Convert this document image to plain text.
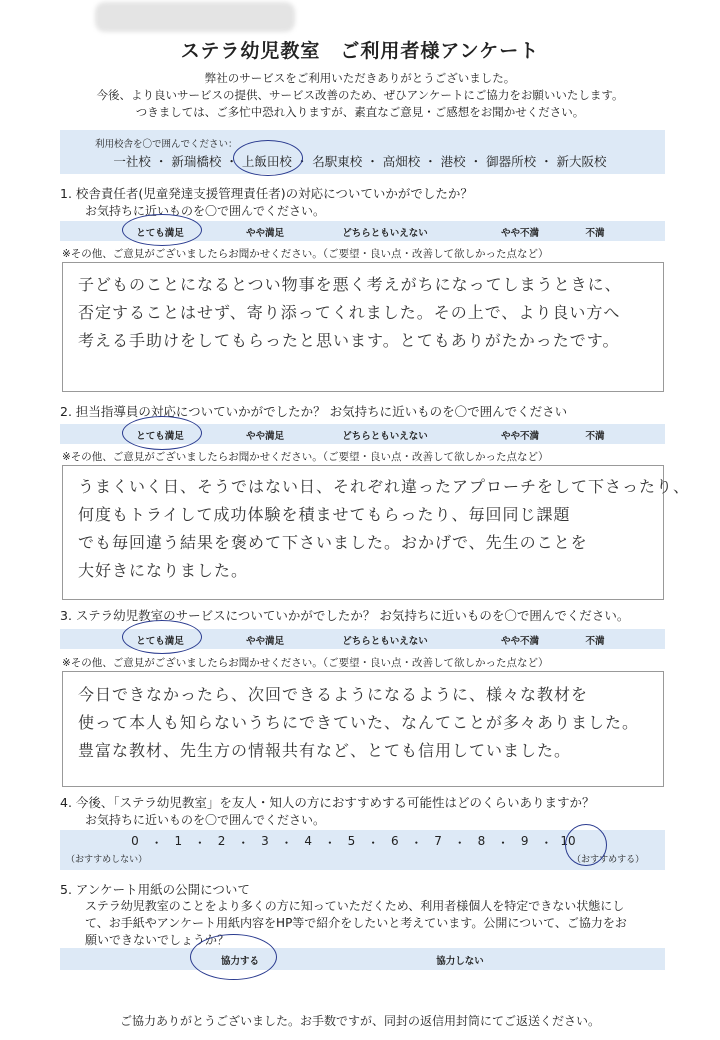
ステラ幼児教室　ご利用者様アンケート
弊社のサービスをご利用いただきありがとうございました。
今後、より良いサービスの提供、サービス改善のため、ぜひアンケートにご協力をお願いいたします。
つきましては、ご多忙中恐れ入りますが、素直なご意見・ご感想をお聞かせください。
利用校舎を〇で囲んでください：
一社校 ・ 新瑞橋校 ・ 上飯田校 ・ 名駅東校 ・ 高畑校 ・ 港校 ・ 御器所校 ・ 新大阪校
1. 校舎責任者(児童発達支援管理責任者)の対応についていかがでしたか？
お気持ちに近いものを〇で囲んでください。
とても満足	やや満足	どちらともいえない	やや不満	不満
※その他、ご意見がございましたらお聞かせください。（ご要望・良い点・改善して欲しかった点など）
子どものことになるとつい物事を悪く考えがちになってしまうときに、
否定することはせず、寄り添ってくれました。その上で、より良い方へ
考える手助けをしてもらったと思います。とてもありがたかったです。
2. 担当指導員の対応についていかがでしたか？ お気持ちに近いものを〇で囲んでください
とても満足	やや満足	どちらともいえない	やや不満	不満
※その他、ご意見がございましたらお聞かせください。（ご要望・良い点・改善して欲しかった点など）
うまくいく日、そうではない日、それぞれ違ったアプローチをして下さったり、
何度もトライして成功体験を積ませてもらったり、毎回同じ課題
でも毎回違う結果を褒めて下さいました。おかげで、先生のことを
大好きになりました。
3. ステラ幼児教室のサービスについていかがでしたか？ お気持ちに近いものを〇で囲んでください。
とても満足	やや満足	どちらともいえない	やや不満	不満
※その他、ご意見がございましたらお聞かせください。（ご要望・良い点・改善して欲しかった点など）
今日できなかったら、次回できるようになるように、様々な教材を
使って本人も知らないうちにできていた、なんてことが多々ありました。
豊富な教材、先生方の情報共有など、とても信用していました。
4. 今後、「ステラ幼児教室」を友人・知人の方におすすめする可能性はどのくらいありますか？
お気持ちに近いものを〇で囲んでください。
0 ・ 1 ・ 2 ・ 3 ・ 4 ・ 5 ・ 6 ・ 7 ・ 8 ・ 9 ・ 10
（おすすめしない）	（おすすめする）
5. アンケート用紙の公開について
ステラ幼児教室のことをより多くの方に知っていただくため、利用者様個人を特定できない状態にし
て、お手紙やアンケート用紙内容をHP等で紹介をしたいと考えています。公開について、ご協力をお
願いできないでしょうか？
協力する	協力しない
ご協力ありがとうございました。お手数ですが、同封の返信用封筒にてご返送ください。
